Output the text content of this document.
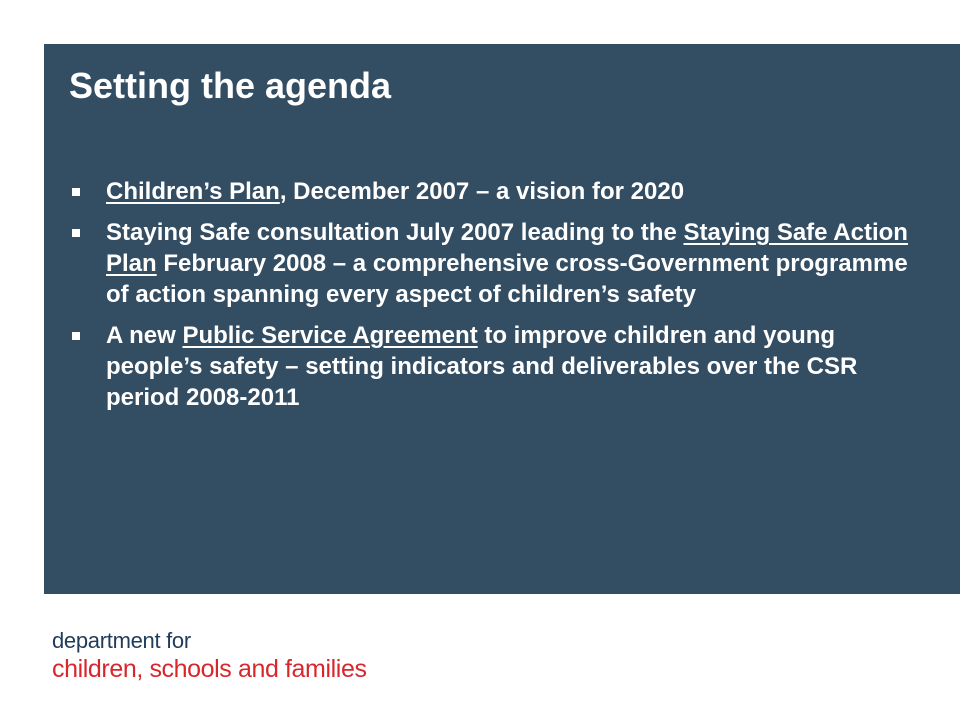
Setting the agenda
Children’s Plan, December 2007 – a vision for 2020
Staying Safe consultation July 2007 leading to the Staying Safe Action Plan February 2008 – a comprehensive cross-Government programme of action spanning every aspect of children’s safety
A new Public Service Agreement to improve children and young people’s safety – setting indicators and deliverables over the CSR period 2008-2011
department for
children, schools and families
